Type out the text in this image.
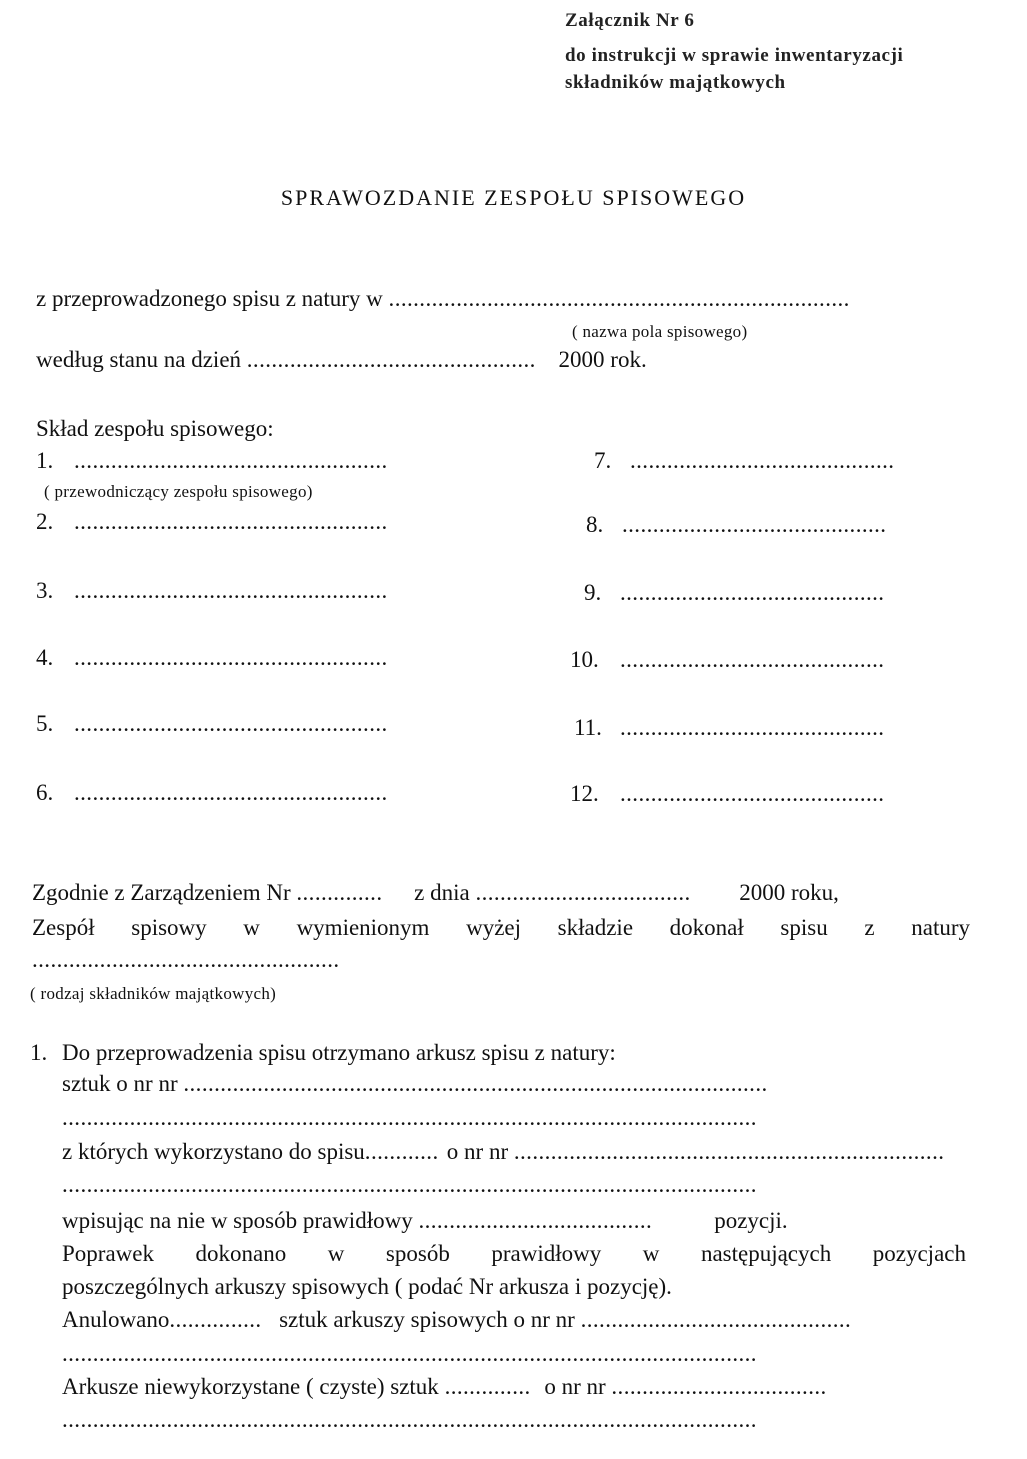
Załącznik Nr 6
do instrukcji w sprawie inwentaryzacji
składników majątkowych
SPRAWOZDANIE ZESPOŁU SPISOWEGO
z przeprowadzonego spisu z natury w ...........................................................................
( nazwa pola spisowego)
według stanu na dzień ............................................... 2000 rok.
Skład zespołu spisowego:
1. ...................................................
( przewodniczący zespołu spisowego)
2. ...................................................
3. ...................................................
4. ...................................................
5. ...................................................
6. ...................................................
7. ...........................................
8. ...........................................
9. ...........................................
10. ...........................................
11. ...........................................
12. ...........................................
Zgodnie z Zarządzeniem Nr .............. z dnia ................................... 2000 roku,
Zespół spisowy w wymienionym wyżej składzie dokonał spisu z natury
..................................................
( rodzaj składników majątkowych)
1. Do przeprowadzenia spisu otrzymano arkusz spisu z natury:
sztuk o nr nr ...............................................................................................
.................................................................................................................
z których wykorzystano do spisu............ o nr nr ......................................................................
.................................................................................................................
wpisując na nie w sposób prawidłowy ......................................	pozycji.
Poprawek dokonano w sposób prawidłowy w następujących pozycjach
poszczególnych arkuszy spisowych ( podać Nr arkusza i pozycję).
Anulowano............... sztuk arkuszy spisowych o nr nr ............................................
.................................................................................................................
Arkusze niewykorzystane ( czyste) sztuk .............. o nr nr ...................................
.................................................................................................................
